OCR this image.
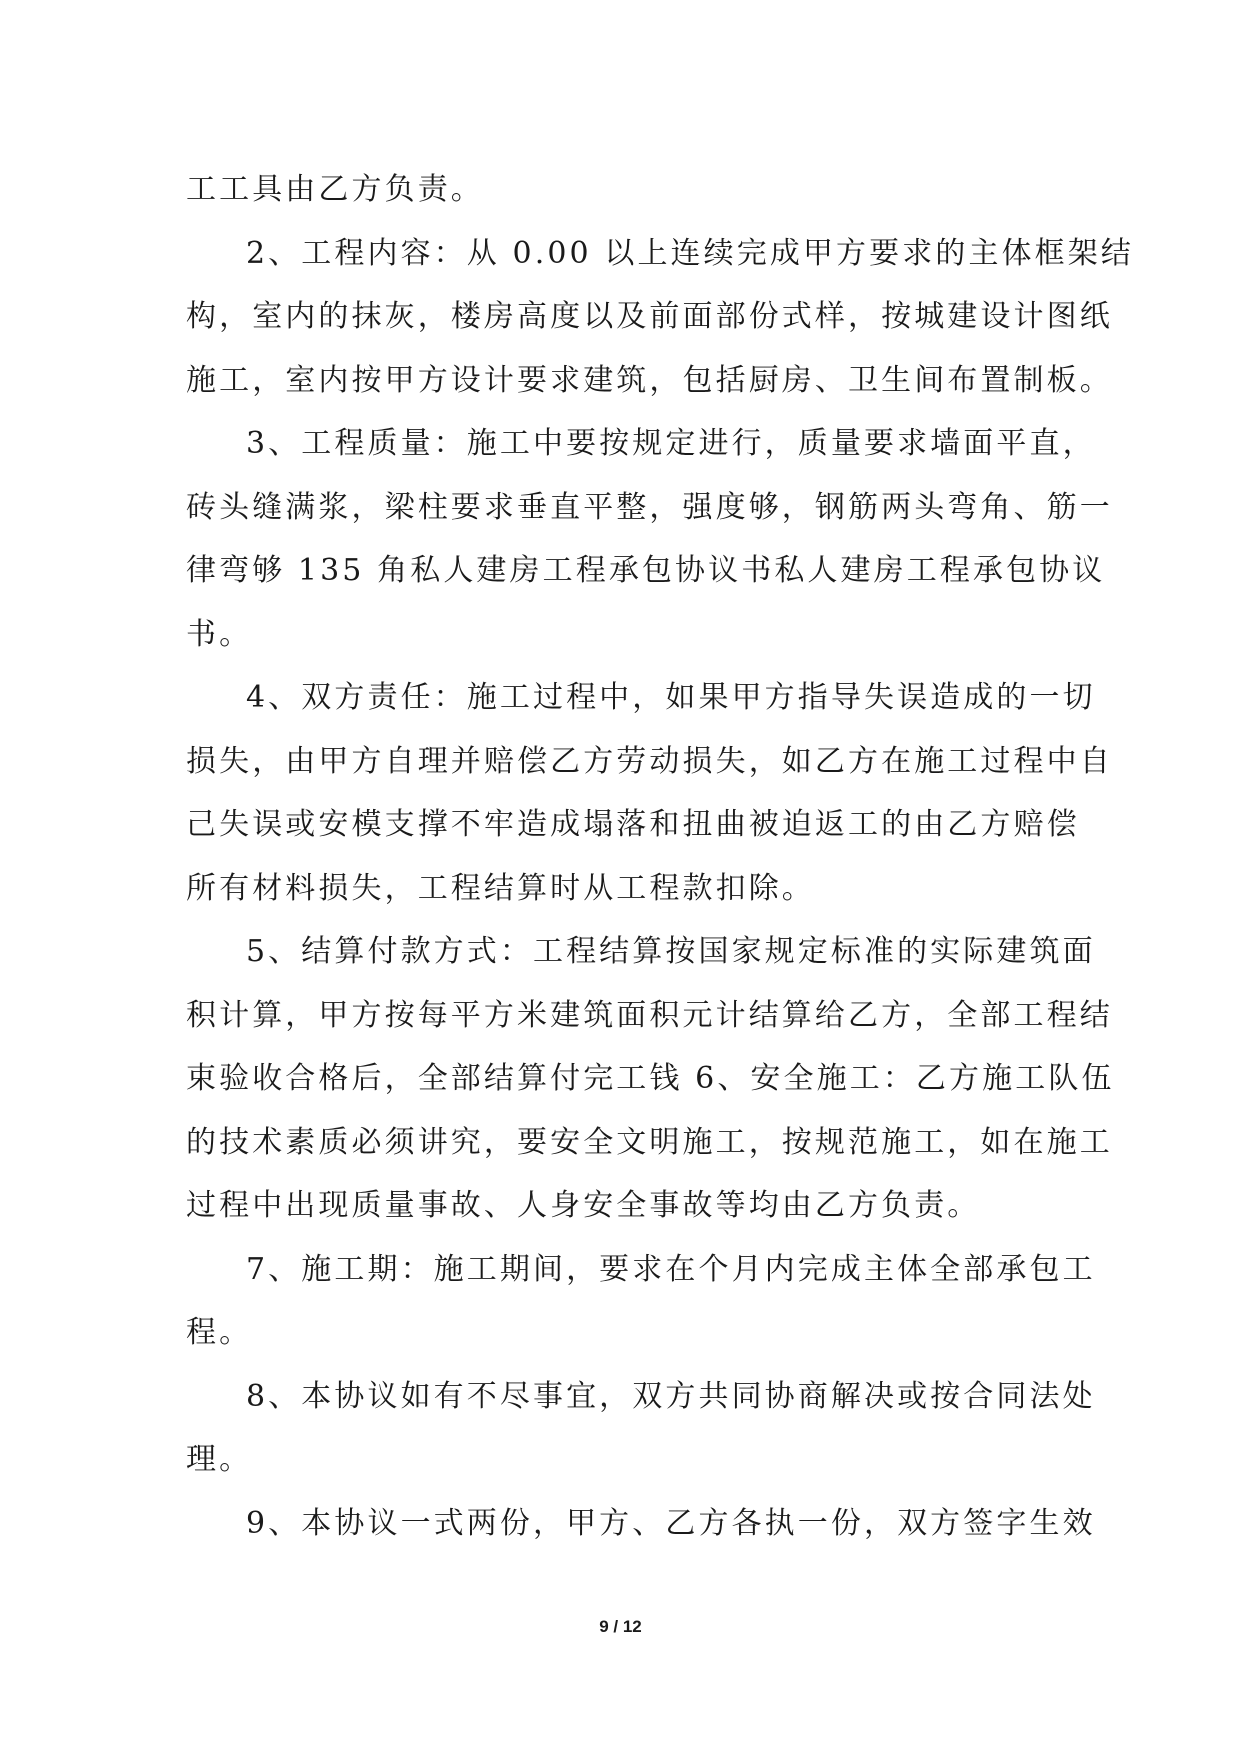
工工具由乙方负责。
2、工程内容：从 0.00 以上连续完成甲方要求的主体框架结
构，室内的抹灰，楼房高度以及前面部份式样，按城建设计图纸
施工，室内按甲方设计要求建筑，包括厨房、卫生间布置制板。
3、工程质量：施工中要按规定进行，质量要求墙面平直，
砖头缝满浆，梁柱要求垂直平整，强度够，钢筋两头弯角、筋一
律弯够 135 角私人建房工程承包协议书私人建房工程承包协议
书。
4、双方责任：施工过程中，如果甲方指导失误造成的一切
损失，由甲方自理并赔偿乙方劳动损失，如乙方在施工过程中自
己失误或安模支撑不牢造成塌落和扭曲被迫返工的由乙方赔偿
所有材料损失，工程结算时从工程款扣除。
5、结算付款方式：工程结算按国家规定标准的实际建筑面
积计算，甲方按每平方米建筑面积元计结算给乙方，全部工程结
束验收合格后，全部结算付完工钱 6、安全施工：乙方施工队伍
的技术素质必须讲究，要安全文明施工，按规范施工，如在施工
过程中出现质量事故、人身安全事故等均由乙方负责。
7、施工期：施工期间，要求在个月内完成主体全部承包工
程。
8、本协议如有不尽事宜，双方共同协商解决或按合同法处
理。
9、本协议一式两份，甲方、乙方各执一份，双方签字生效
9 / 12
